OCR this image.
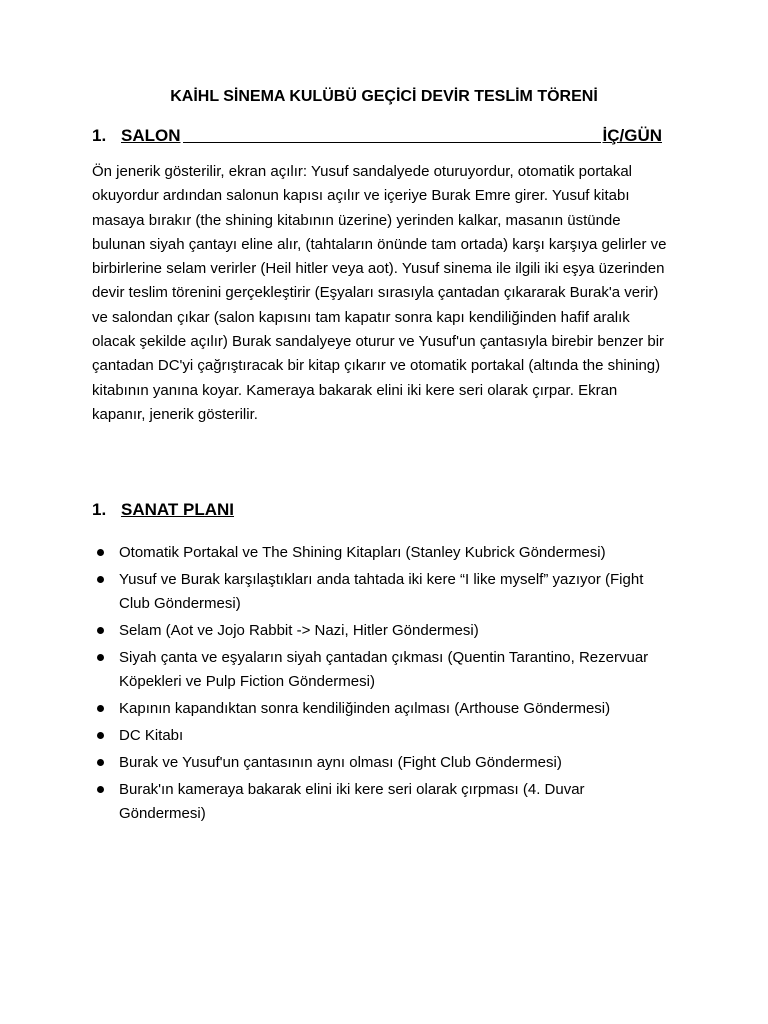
KAİHL SİNEMA KULÜBÜ GEÇİCİ DEVİR TESLİM TÖRENİ
1. SALON	İÇ/GÜN

Ön jenerik gösterilir, ekran açılır: Yusuf sandalyede oturuyordur, otomatik portakal okuyordur ardından salonun kapısı açılır ve içeriye Burak Emre girer. Yusuf kitabı masaya bırakır (the shining kitabının üzerine) yerinden kalkar, masanın üstünde bulunan siyah çantayı eline alır, (tahtaların önünde tam ortada) karşı karşıya gelirler ve birbirlerine selam verirler (Heil hitler veya aot). Yusuf sinema ile ilgili iki eşya üzerinden devir teslim törenini gerçekleştirir (Eşyaları sırasıyla çantadan çıkararak Burak'a verir) ve salondan çıkar (salon kapısını tam kapatır sonra kapı kendiliğinden hafif aralık olacak şekilde açılır) Burak sandalyeye oturur ve Yusuf'un çantasıyla birebir benzer bir çantadan DC'yi çağrıştıracak bir kitap çıkarır ve otomatik portakal (altında the shining) kitabının yanına koyar. Kameraya bakarak elini iki kere seri olarak çırpar. Ekran kapanır, jenerik gösterilir.

1. SANAT PLANI
Otomatik Portakal ve The Shining Kitapları (Stanley Kubrick Göndermesi)
Yusuf ve Burak karşılaştıkları anda tahtada iki kere “I like myself” yazıyor (Fight Club Göndermesi)
Selam (Aot ve Jojo Rabbit -> Nazi, Hitler Göndermesi)
Siyah çanta ve eşyaların siyah çantadan çıkması (Quentin Tarantino, Rezervuar Köpekleri ve Pulp Fiction Göndermesi)
Kapının kapandıktan sonra kendiliğinden açılması (Arthouse Göndermesi)
DC Kitabı
Burak ve Yusuf'un çantasının aynı olması (Fight Club Göndermesi)
Burak'ın kameraya bakarak elini iki kere seri olarak çırpması (4. Duvar Göndermesi)
